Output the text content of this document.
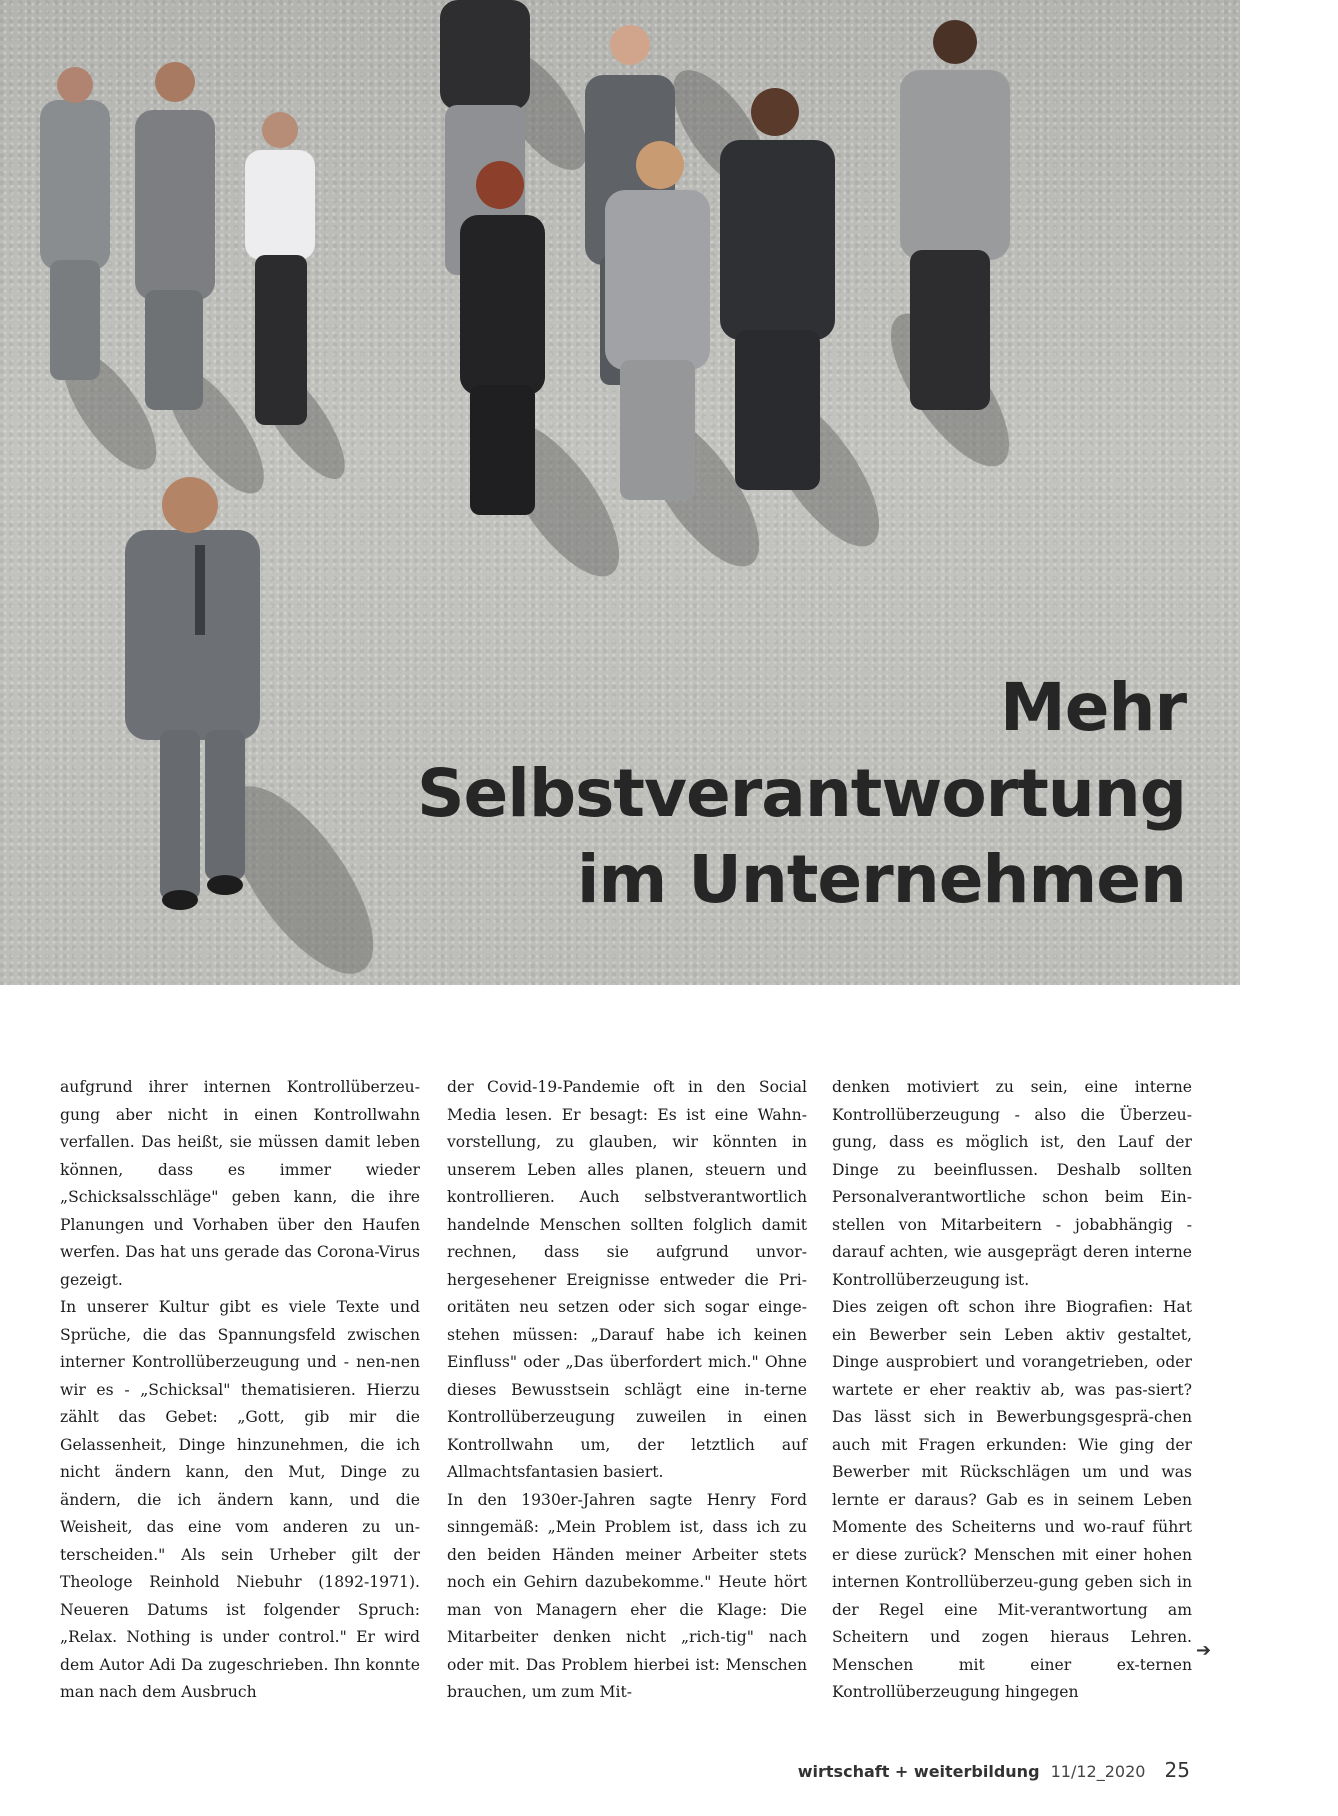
Mehr
Selbstverantwortung
im Unternehmen

aufgrund ihrer internen Kontrollüberzeu-gung aber nicht in einen Kontrollwahn verfallen. Das heißt, sie müssen damit leben können, dass es immer wieder „Schicksalsschläge" geben kann, die ihre Planungen und Vorhaben über den Haufen werfen. Das hat uns gerade das Corona-Virus gezeigt.

In unserer Kultur gibt es viele Texte und Sprüche, die das Spannungsfeld zwischen interner Kontrollüberzeugung und - nen-nen wir es - „Schicksal" thematisieren. Hierzu zählt das Gebet: „Gott, gib mir die Gelassenheit, Dinge hinzunehmen, die ich nicht ändern kann, den Mut, Dinge zu ändern, die ich ändern kann, und die Weisheit, das eine vom anderen zu un-terscheiden." Als sein Urheber gilt der Theologe Reinhold Niebuhr (1892-1971). Neueren Datums ist folgender Spruch: „Relax. Nothing is under control." Er wird dem Autor Adi Da zugeschrieben. Ihn konnte man nach dem Ausbruch

der Covid-19-Pandemie oft in den Social Media lesen. Er besagt: Es ist eine Wahn-vorstellung, zu glauben, wir könnten in unserem Leben alles planen, steuern und kontrollieren. Auch selbstverantwortlich handelnde Menschen sollten folglich damit rechnen, dass sie aufgrund unvor-hergesehener Ereignisse entweder die Pri-oritäten neu setzen oder sich sogar einge-stehen müssen: „Darauf habe ich keinen Einfluss" oder „Das überfordert mich." Ohne dieses Bewusstsein schlägt eine in-terne Kontrollüberzeugung zuweilen in einen Kontrollwahn um, der letztlich auf Allmachtsfantasien basiert.

In den 1930er-Jahren sagte Henry Ford sinngemäß: „Mein Problem ist, dass ich zu den beiden Händen meiner Arbeiter stets noch ein Gehirn dazubekomme." Heute hört man von Managern eher die Klage: Die Mitarbeiter denken nicht „rich-tig" nach oder mit. Das Problem hierbei ist: Menschen brauchen, um zum Mit-

denken motiviert zu sein, eine interne Kontrollüberzeugung - also die Überzeu-gung, dass es möglich ist, den Lauf der Dinge zu beeinflussen. Deshalb sollten Personalverantwortliche schon beim Ein-stellen von Mitarbeitern - jobabhängig - darauf achten, wie ausgeprägt deren interne Kontrollüberzeugung ist.

Dies zeigen oft schon ihre Biografien: Hat ein Bewerber sein Leben aktiv gestaltet, Dinge ausprobiert und vorangetrieben, oder wartete er eher reaktiv ab, was pas-siert? Das lässt sich in Bewerbungsgesprä-chen auch mit Fragen erkunden: Wie ging der Bewerber mit Rückschlägen um und was lernte er daraus? Gab es in seinem Leben Momente des Scheiterns und wo-rauf führt er diese zurück? Menschen mit einer hohen internen Kontrollüberzeu-gung geben sich in der Regel eine Mit-verantwortung am Scheitern und zogen hieraus Lehren. Menschen mit einer ex-ternen Kontrollüberzeugung hingegen

➔
wirtschaft + weiterbildung 11/12_2020 25
